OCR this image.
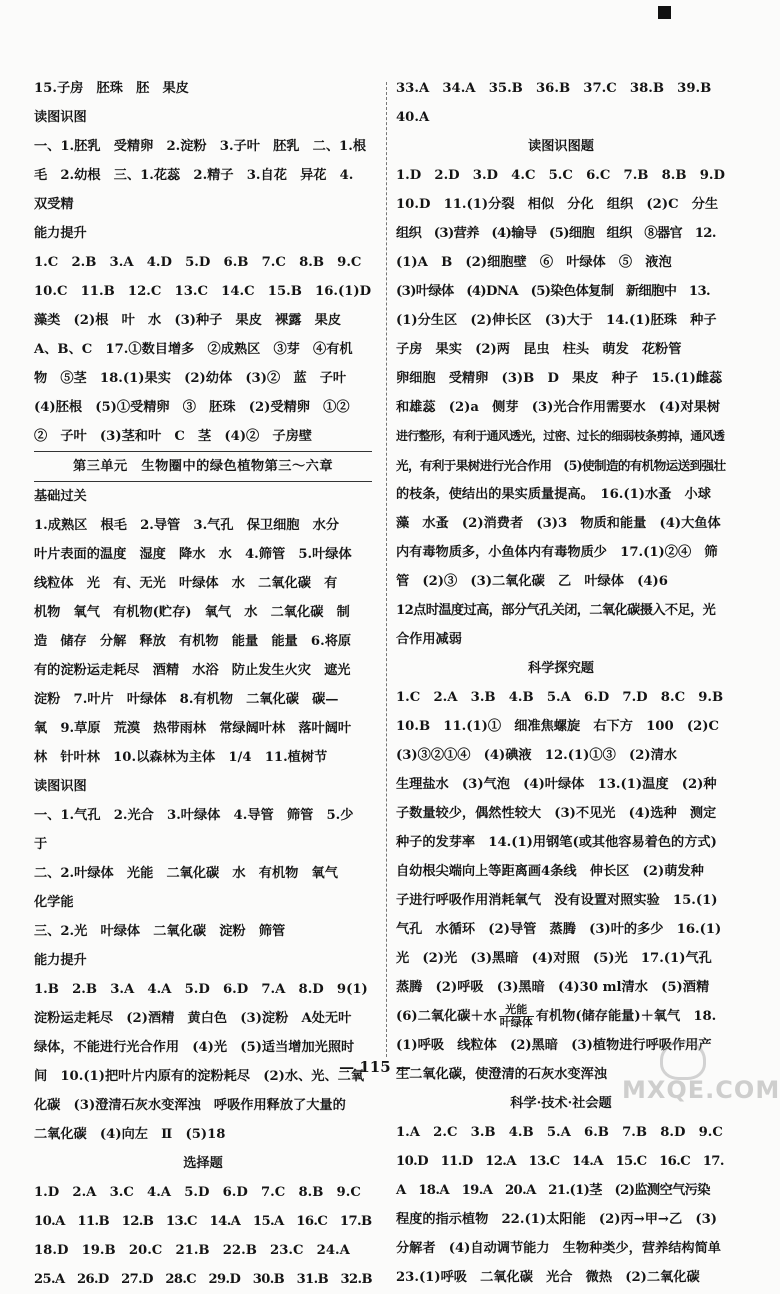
15.子房　胚珠　胚　果皮
读图识图
一、1.胚乳　受精卵　2.淀粉　3.子叶　胚乳　二、1.根
毛　2.幼根　三、1.花蕊　2.精子　3.自花　异花　4.
双受精
能力提升
1.C　2.B　3.A　4.D　5.D　6.B　7.C　8.B　9.C
10.C　11.B　12.C　13.C　14.C　15.B　16.(1)D
藻类　(2)根　叶　水　(3)种子　果皮　裸露　果皮
A、B、C　17.①数目增多　②成熟区　③芽　④有机
物　⑤茎　18.(1)果实　(2)幼体　(3)②　蓝　子叶
(4)胚根　(5)①受精卵　③　胚珠　(2)受精卵　①②
②　子叶　(3)茎和叶　C　茎　(4)②　子房壁
第三单元　生物圈中的绿色植物第三～六章
基础过关
1.成熟区　根毛　2.导管　3.气孔　保卫细胞　水分
叶片表面的温度　湿度　降水　水　4.筛管　5.叶绿体
线粒体　光　有、无光　叶绿体　水　二氧化碳　有
机物　氧气　有机物(贮存)　氧气　水　二氧化碳　制
造　储存　分解　释放　有机物　能量　能量　6.将原
有的淀粉运走耗尽　酒精　水浴　防止发生火灾　遮光
淀粉　7.叶片　叶绿体　8.有机物　二氧化碳　碳—
氧　9.草原　荒漠　热带雨林　常绿阔叶林　落叶阔叶
林　针叶林　10.以森林为主体　1/4　11.植树节
读图识图
一、1.气孔　2.光合　3.叶绿体　4.导管　筛管　5.少
于
二、2.叶绿体　光能　二氧化碳　水　有机物　氧气
化学能
三、2.光　叶绿体　二氧化碳　淀粉　筛管
能力提升
1.B　2.B　3.A　4.A　5.D　6.D　7.A　8.D　9(1)
淀粉运走耗尽　(2)酒精　黄白色　(3)淀粉　A处无叶
绿体，不能进行光合作用　(4)光　(5)适当增加光照时
间　10.(1)把叶片内原有的淀粉耗尽　(2)水、光、二氧
化碳　(3)澄清石灰水变浑浊　呼吸作用释放了大量的
二氧化碳　(4)向左　Ⅱ　(5)18
选择题
1.D　2.A　3.C　4.A　5.D　6.D　7.C　8.B　9.C
10.A　11.B　12.B　13.C　14.A　15.A　16.C　17.B
18.D　19.B　20.C　21.B　22.B　23.C　24.A
25.A　26.D　27.D　28.C　29.D　30.B　31.B　32.B
33.A　34.A　35.B　36.B　37.C　38.B　39.B
40.A
读图识图题
1.D　2.D　3.D　4.C　5.C　6.C　7.B　8.B　9.D
10.D　11.(1)分裂　相似　分化　组织　(2)C　分生
组织　(3)营养　(4)输导　(5)细胞　组织　⑧器官　12.
(1)A　B　(2)细胞壁　⑥　叶绿体　⑤　液泡
(3)叶绿体　(4)DNA　(5)染色体复制　新细胞中　13.
(1)分生区　(2)伸长区　(3)大于　14.(1)胚珠　种子
子房　果实　(2)两　昆虫　柱头　萌发　花粉管
卵细胞　受精卵　(3)B　D　果皮　种子　15.(1)雌蕊
和雄蕊　(2)a　侧芽　(3)光合作用需要水　(4)对果树
进行整形，有利于通风透光，过密、过长的细弱枝条剪掉，通风透
光，有利于果树进行光合作用　(5)使制造的有机物运送到强壮
的枝条，使结出的果实质量提高。　16.(1)水蚤　小球
藻　水蚤　(2)消费者　(3)3　物质和能量　(4)大鱼体
内有毒物质多，小鱼体内有毒物质少　17.(1)②④　筛
管　(2)③　(3)二氧化碳　乙　叶绿体　(4)6
12点时温度过高，部分气孔关闭，二氧化碳摄入不足，光
合作用减弱
科学探究题
1.C　2.A　3.B　4.B　5.A　6.D　7.D　8.C　9.B
10.B　11.(1)①　细准焦螺旋　右下方　100　(2)C
(3)③②①④　(4)碘液　12.(1)①③　(2)清水
生理盐水　(3)气泡　(4)叶绿体　13.(1)温度　(2)种
子数量较少，偶然性较大　(3)不见光　(4)选种　测定
种子的发芽率　14.(1)用钢笔(或其他容易着色的方式)
自幼根尖端向上等距离画4条线　伸长区　(2)萌发种
子进行呼吸作用消耗氧气　没有设置对照实验　15.(1)
气孔　水循环　(2)导管　蒸腾　(3)叶的多少　16.(1)
光　(2)光　(3)黑暗　(4)对照　(5)光　17.(1)气孔
蒸腾　(2)呼吸　(3)黑暗　(4)30 ml清水　(5)酒精
(6)二氧化碳＋水 光能
叶绿体 有机物(储存能量)＋氧气　18.
(1)呼吸　线粒体　(2)黑暗　(3)植物进行呼吸作用产
生二氧化碳，使澄清的石灰水变浑浊
科学·技术·社会题
1.A　2.C　3.B　4.B　5.A　6.B　7.B　8.D　9.C
10.D　11.D　12.A　13.C　14.A　15.C　16.C　17.
A　18.A　19.A　20.A　21.(1)茎　(2)监测空气污染
程度的指示植物　22.(1)太阳能　(2)丙→甲→乙　(3)
分解者　(4)自动调节能力　生物种类少，营养结构简单
23.(1)呼吸　二氧化碳　光合　微热　(2)二氧化碳
— 115 —
MXQE.COM
